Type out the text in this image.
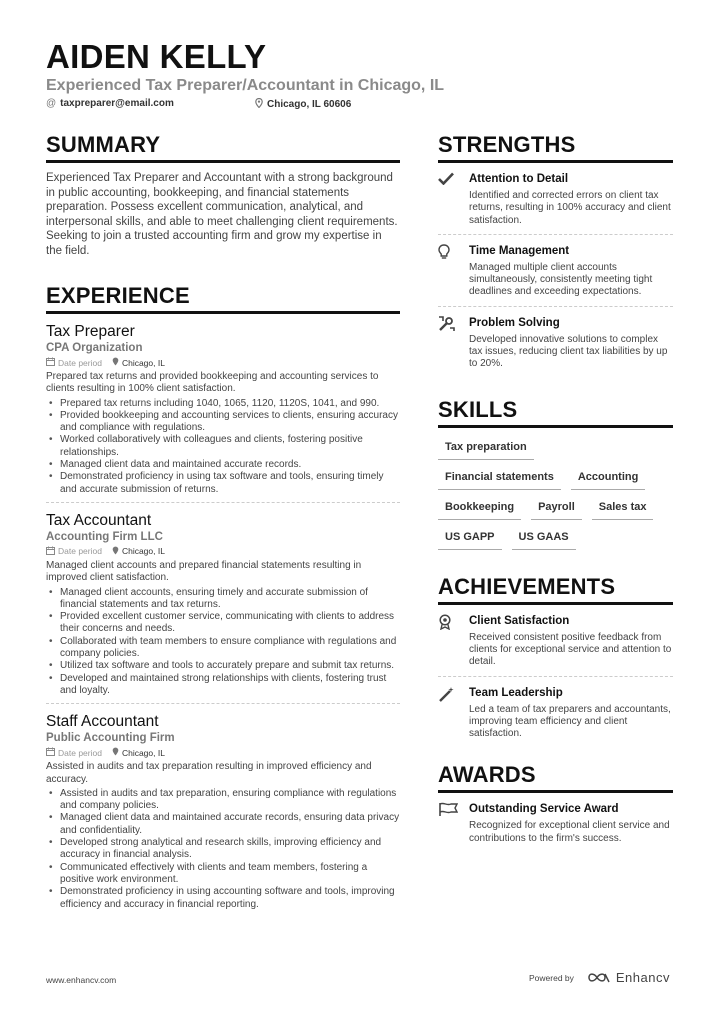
AIDEN KELLY
Experienced Tax Preparer/Accountant in Chicago, IL
@ taxpreparer@email.com	Chicago, IL 60606
SUMMARY
Experienced Tax Preparer and Accountant with a strong background in public accounting, bookkeeping, and financial statements preparation. Possess excellent communication, analytical, and interpersonal skills, and able to meet challenging client requirements. Seeking to join a trusted accounting firm and grow my expertise in the field.
EXPERIENCE
Tax Preparer
CPA Organization
Date period Chicago, IL
Prepared tax returns and provided bookkeeping and accounting services to clients resulting in 100% client satisfaction.
• Prepared tax returns including 1040, 1065, 1120, 1120S, 1041, and 990.
• Provided bookkeeping and accounting services to clients, ensuring accuracy and compliance with regulations.
• Worked collaboratively with colleagues and clients, fostering positive relationships.
• Managed client data and maintained accurate records.
• Demonstrated proficiency in using tax software and tools, ensuring timely and accurate submission of returns.
Tax Accountant
Accounting Firm LLC
Date period Chicago, IL
Managed client accounts and prepared financial statements resulting in improved client satisfaction.
• Managed client accounts, ensuring timely and accurate submission of financial statements and tax returns.
• Provided excellent customer service, communicating with clients to address their concerns and needs.
• Collaborated with team members to ensure compliance with regulations and company policies.
• Utilized tax software and tools to accurately prepare and submit tax returns.
• Developed and maintained strong relationships with clients, fostering trust and loyalty.
Staff Accountant
Public Accounting Firm
Date period Chicago, IL
Assisted in audits and tax preparation resulting in improved efficiency and accuracy.
• Assisted in audits and tax preparation, ensuring compliance with regulations and company policies.
• Managed client data and maintained accurate records, ensuring data privacy and confidentiality.
• Developed strong analytical and research skills, improving efficiency and accuracy in financial analysis.
• Communicated effectively with clients and team members, fostering a positive work environment.
• Demonstrated proficiency in using accounting software and tools, improving efficiency and accuracy in financial reporting.
STRENGTHS
Attention to Detail
Identified and corrected errors on client tax returns, resulting in 100% accuracy and client satisfaction.
Time Management
Managed multiple client accounts simultaneously, consistently meeting tight deadlines and exceeding expectations.
Problem Solving
Developed innovative solutions to complex tax issues, reducing client tax liabilities by up to 20%.
SKILLS
Tax preparation
Financial statements	Accounting
Bookkeeping	Payroll	Sales tax
US GAPP	US GAAS
ACHIEVEMENTS
Client Satisfaction
Received consistent positive feedback from clients for exceptional service and attention to detail.
Team Leadership
Led a team of tax preparers and accountants, improving team efficiency and client satisfaction.
AWARDS
Outstanding Service Award
Recognized for exceptional client service and contributions to the firm's success.
www.enhancv.com	Powered by	Enhancv
